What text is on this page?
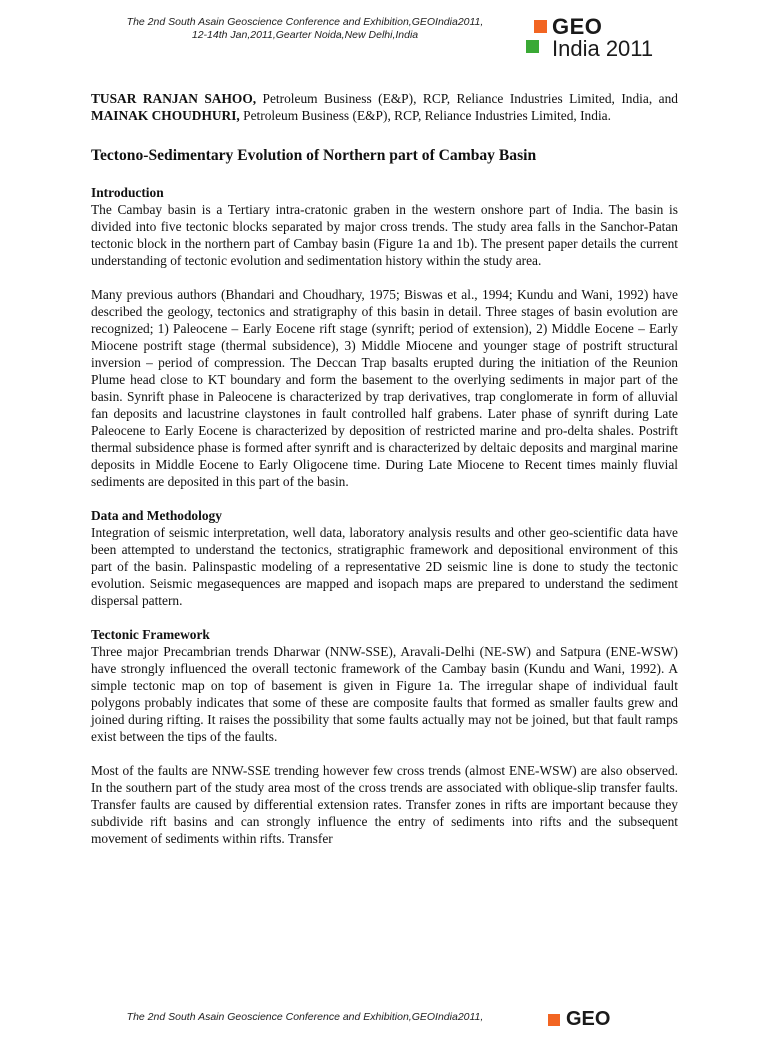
The 2nd South Asain Geoscience Conference and Exhibition,GEOIndia2011,
12-14th Jan,2011,Gearter Noida,New Delhi,India	GEO
India 2011

TUSAR RANJAN SAHOO, Petroleum Business (E&P), RCP, Reliance Industries Limited, India, and MAINAK CHOUDHURI, Petroleum Business (E&P), RCP, Reliance Industries Limited, India.

Tectono-Sedimentary Evolution of Northern part of Cambay Basin
Introduction

The Cambay basin is a Tertiary intra-cratonic graben in the western onshore part of India. The basin is divided into five tectonic blocks separated by major cross trends. The study area falls in the Sanchor-Patan tectonic block in the northern part of Cambay basin (Figure 1a and 1b). The present paper details the current understanding of tectonic evolution and sedimentation history within the study area.

Many previous authors (Bhandari and Choudhary, 1975; Biswas et al., 1994; Kundu and Wani, 1992) have described the geology, tectonics and stratigraphy of this basin in detail. Three stages of basin evolution are recognized; 1) Paleocene – Early Eocene rift stage (synrift; period of extension), 2) Middle Eocene – Early Miocene postrift stage (thermal subsidence), 3) Middle Miocene and younger stage of postrift structural inversion – period of compression. The Deccan Trap basalts erupted during the initiation of the Reunion Plume head close to KT boundary and form the basement to the overlying sediments in major part of the basin. Synrift phase in Paleocene is characterized by trap derivatives, trap conglomerate in form of alluvial fan deposits and lacustrine claystones in fault controlled half grabens. Later phase of synrift during Late Paleocene to Early Eocene is characterized by deposition of restricted marine and pro-delta shales. Postrift thermal subsidence phase is formed after synrift and is characterized by deltaic deposits and marginal marine deposits in Middle Eocene to Early Oligocene time. During Late Miocene to Recent times mainly fluvial sediments are deposited in this part of the basin.

Data and Methodology

Integration of seismic interpretation, well data, laboratory analysis results and other geo-scientific data have been attempted to understand the tectonics, stratigraphic framework and depositional environment of this part of the basin. Palinspastic modeling of a representative 2D seismic line is done to study the tectonic evolution. Seismic megasequences are mapped and isopach maps are prepared to understand the sediment dispersal pattern.

Tectonic Framework

Three major Precambrian trends Dharwar (NNW-SSE), Aravali-Delhi (NE-SW) and Satpura (ENE-WSW) have strongly influenced the overall tectonic framework of the Cambay basin (Kundu and Wani, 1992). A simple tectonic map on top of basement is given in Figure 1a. The irregular shape of individual fault polygons probably indicates that some of these are composite faults that formed as smaller faults grew and joined during rifting. It raises the possibility that some faults actually may not be joined, but that fault ramps exist between the tips of the faults.

Most of the faults are NNW-SSE trending however few cross trends (almost ENE-WSW) are also observed. In the southern part of the study area most of the cross trends are associated with oblique-slip transfer faults. Transfer faults are caused by differential extension rates. Transfer zones in rifts are important because they subdivide rift basins and can strongly influence the entry of sediments into rifts and the subsequent movement of sediments within rifts. Transfer

The 2nd South Asain Geoscience Conference and Exhibition,GEOIndia2011,	GEO
